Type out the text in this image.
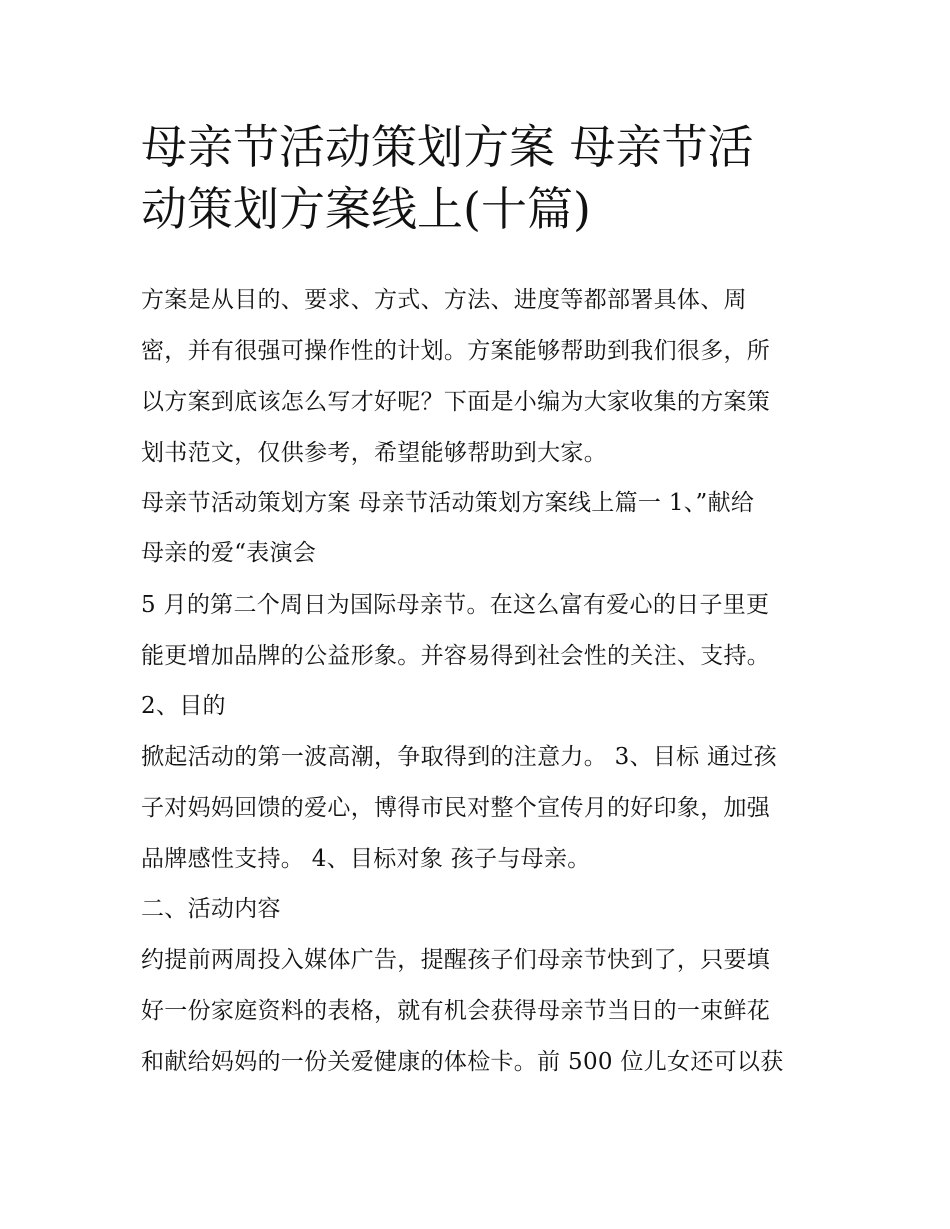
母亲节活动策划方案 母亲节活
动策划方案线上(十篇)
方案是从目的、要求、方式、方法、进度等都部署具体、周
密，并有很强可操作性的计划。方案能够帮助到我们很多，所
以方案到底该怎么写才好呢？下面是小编为大家收集的方案策
划书范文，仅供参考，希望能够帮助到大家。
母亲节活动策划方案 母亲节活动策划方案线上篇一 1、”献给
母亲的爱“表演会
5 月的第二个周日为国际母亲节。在这么富有爱心的日子里更
能更增加品牌的公益形象。并容易得到社会性的关注、支持。
2、目的
掀起活动的第一波高潮，争取得到的注意力。 3、目标 通过孩
子对妈妈回馈的爱心，博得市民对整个宣传月的好印象，加强
品牌感性支持。 4、目标对象 孩子与母亲。
二、活动内容
约提前两周投入媒体广告，提醒孩子们母亲节快到了，只要填
好一份家庭资料的表格，就有机会获得母亲节当日的一束鲜花
和献给妈妈的一份关爱健康的体检卡。前 500 位儿女还可以获
